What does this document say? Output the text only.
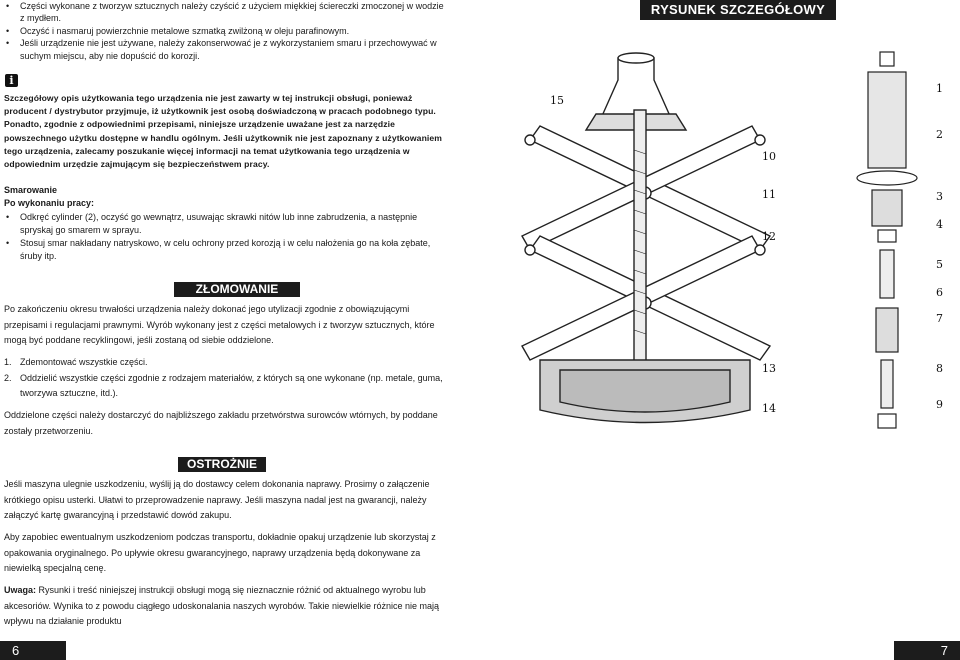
• Części wykonane z tworzyw sztucznych należy czyścić z użyciem miękkiej ściereczki zmoczonej w wodzie z mydłem.
• Oczyść i nasmaruj powierzchnie metalowe szmatką zwilżoną w oleju parafinowym.
• Jeśli urządzenie nie jest używane, należy zakonserwować je z wykorzystaniem smaru i przechowywać w suchym miejscu, aby nie dopuścić do korozji.
i
Szczegółowy opis użytkowania tego urządzenia nie jest zawarty w tej instrukcji obsługi, ponieważ producent / dystrybutor przyjmuje, iż użytkownik jest osobą doświadczoną w pracach podobnego typu. Ponadto, zgodnie z odpowiednimi przepisami, niniejsze urządzenie uważane jest za narzędzie powszechnego użytku dostępne w handlu ogólnym. Jeśli użytkownik nie jest zapoznany z użytkowaniem tego urządzenia, zalecamy poszukanie więcej informacji na temat użytkowania tego urządzenia w odpowiednim urzędzie zajmującym się bezpieczeństwem pracy.
Smarowanie
Po wykonaniu pracy:
• Odkręć cylinder (2), oczyść go wewnątrz, usuwając skrawki nitów lub inne zabrudzenia, a następnie spryskaj go smarem w sprayu.
• Stosuj smar nakładany natryskowo, w celu ochrony przed korozją i w celu nałożenia go na koła zębate, śruby itp.
ZŁOMOWANIE
Po zakończeniu okresu trwałości urządzenia należy dokonać jego utylizacji zgodnie z obowiązującymi przepisami i regulacjami prawnymi. Wyrób wykonany jest z części metalowych i z tworzyw sztucznych, które mogą być poddane recyklingowi, jeśli zostaną od siebie oddzielone.
1. Zdemontować wszystkie części.
2. Oddzielić wszystkie części zgodnie z rodzajem materiałów, z których są one wykonane (np. metale, guma, tworzywa sztuczne, itd.).
Oddzielone części należy dostarczyć do najbliższego zakładu przetwórstwa surowców wtórnych, by poddane zostały przetworzeniu.
OSTROŻNIE
Jeśli maszyna ulegnie uszkodzeniu, wyślij ją do dostawcy celem dokonania naprawy. Prosimy o załączenie krótkiego opisu usterki. Ułatwi to przeprowadzenie naprawy. Jeśli maszyna nadal jest na gwarancji, należy załączyć kartę gwarancyjną i przedstawić dowód zakupu.
Aby zapobiec ewentualnym uszkodzeniom podczas transportu, dokładnie opakuj urządzenie lub skorzystaj z opakowania oryginalnego. Po upływie okresu gwarancyjnego, naprawy urządzenia będą dokonywane za niewielką specjalną cenę.
Uwaga: Rysunki i treść niniejszej instrukcji obsługi mogą się nieznacznie różnić od aktualnego wyrobu lub akcesoriów. Wynika to z powodu ciągłego udoskonalania naszych wyrobów. Takie niewielkie różnice nie mają wpływu na działanie produktu
6
RYSUNEK SZCZEGÓŁOWY
1
2
3
4
5
6
7
8
9
10
11
12
13
14
15
7
